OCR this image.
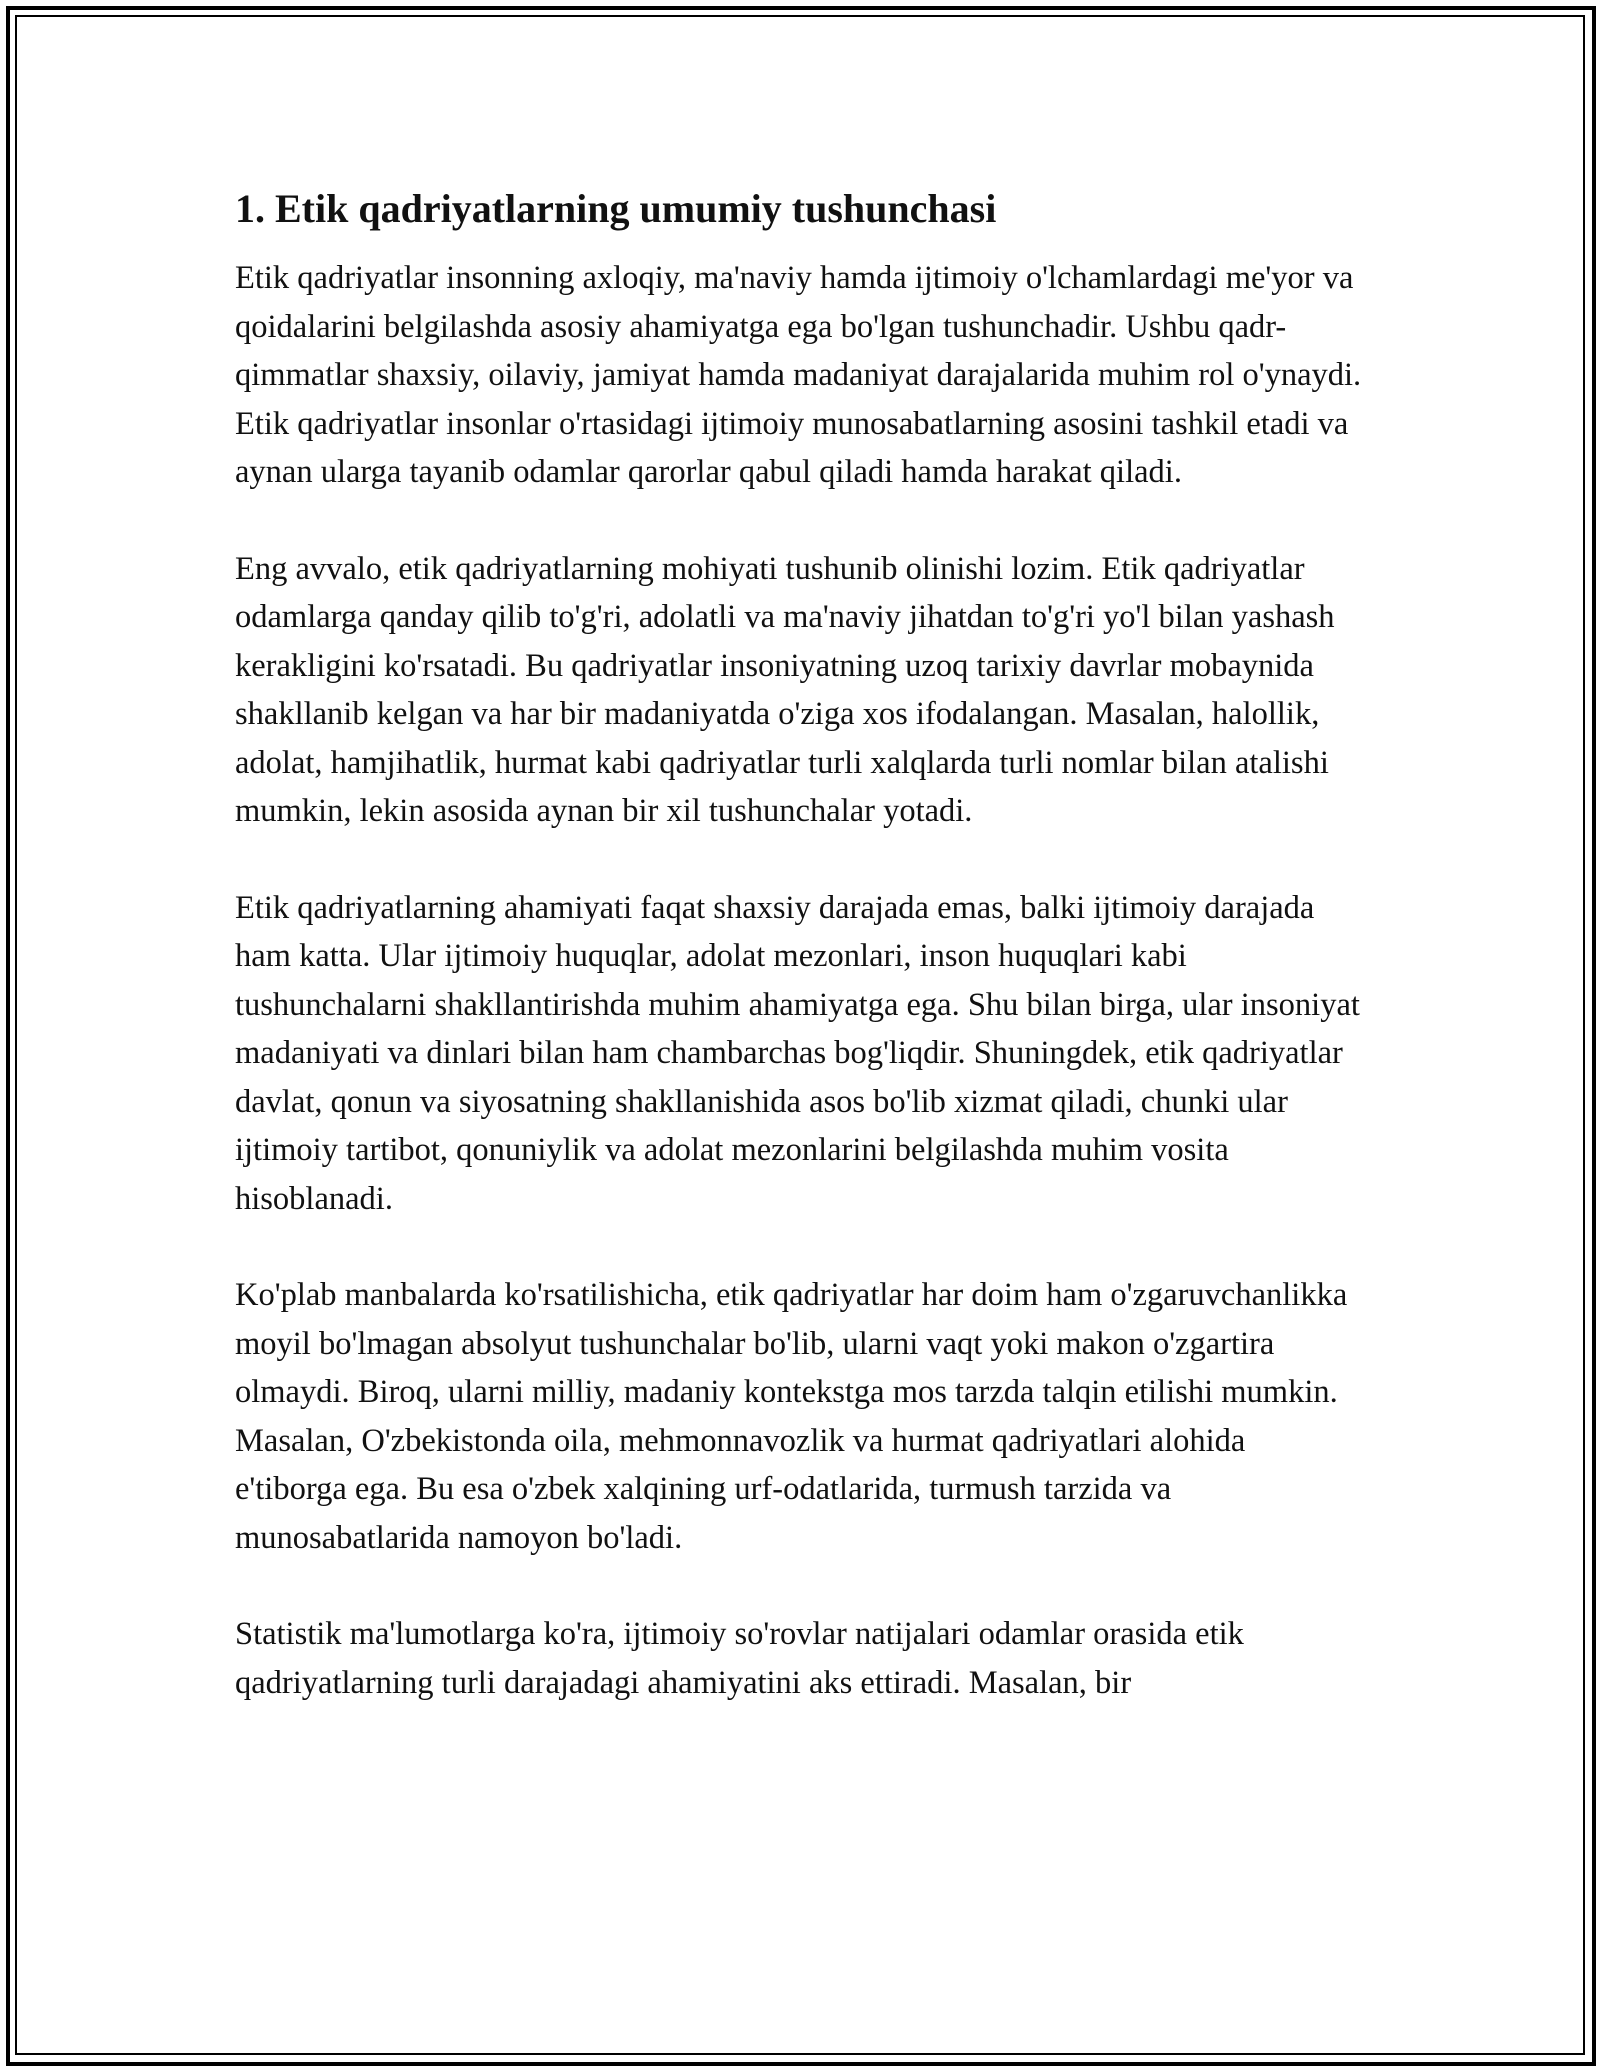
1. Etik qadriyatlarning umumiy tushunchasi

Etik qadriyatlar insonning axloqiy, ma'naviy hamda ijtimoiy o'lchamlardagi me'yor va qoidalarini belgilashda asosiy ahamiyatga ega bo'lgan tushunchadir. Ushbu qadr-qimmatlar shaxsiy, oilaviy, jamiyat hamda madaniyat darajalarida muhim rol o'ynaydi. Etik qadriyatlar insonlar o'rtasidagi ijtimoiy munosabatlarning asosini tashkil etadi va aynan ularga tayanib odamlar qarorlar qabul qiladi hamda harakat qiladi.

Eng avvalo, etik qadriyatlarning mohiyati tushunib olinishi lozim. Etik qadriyatlar odamlarga qanday qilib to'g'ri, adolatli va ma'naviy jihatdan to'g'ri yo'l bilan yashash kerakligini ko'rsatadi. Bu qadriyatlar insoniyatning uzoq tarixiy davrlar mobaynida shakllanib kelgan va har bir madaniyatda o'ziga xos ifodalangan. Masalan, halollik, adolat, hamjihatlik, hurmat kabi qadriyatlar turli xalqlarda turli nomlar bilan atalishi mumkin, lekin asosida aynan bir xil tushunchalar yotadi.

Etik qadriyatlarning ahamiyati faqat shaxsiy darajada emas, balki ijtimoiy darajada ham katta. Ular ijtimoiy huquqlar, adolat mezonlari, inson huquqlari kabi tushunchalarni shakllantirishda muhim ahamiyatga ega. Shu bilan birga, ular insoniyat madaniyati va dinlari bilan ham chambarchas bog'liqdir. Shuningdek, etik qadriyatlar davlat, qonun va siyosatning shakllanishida asos bo'lib xizmat qiladi, chunki ular ijtimoiy tartibot, qonuniylik va adolat mezonlarini belgilashda muhim vosita hisoblanadi.

Ko'plab manbalarda ko'rsatilishicha, etik qadriyatlar har doim ham o'zgaruvchanlikka moyil bo'lmagan absolyut tushunchalar bo'lib, ularni vaqt yoki makon o'zgartira olmaydi. Biroq, ularni milliy, madaniy kontekstga mos tarzda talqin etilishi mumkin. Masalan, O'zbekistonda oila, mehmonnavozlik va hurmat qadriyatlari alohida e'tiborga ega. Bu esa o'zbek xalqining urf-odatlarida, turmush tarzida va munosabatlarida namoyon bo'ladi.

Statistik ma'lumotlarga ko'ra, ijtimoiy so'rovlar natijalari odamlar orasida etik qadriyatlarning turli darajadagi ahamiyatini aks ettiradi. Masalan, bir
